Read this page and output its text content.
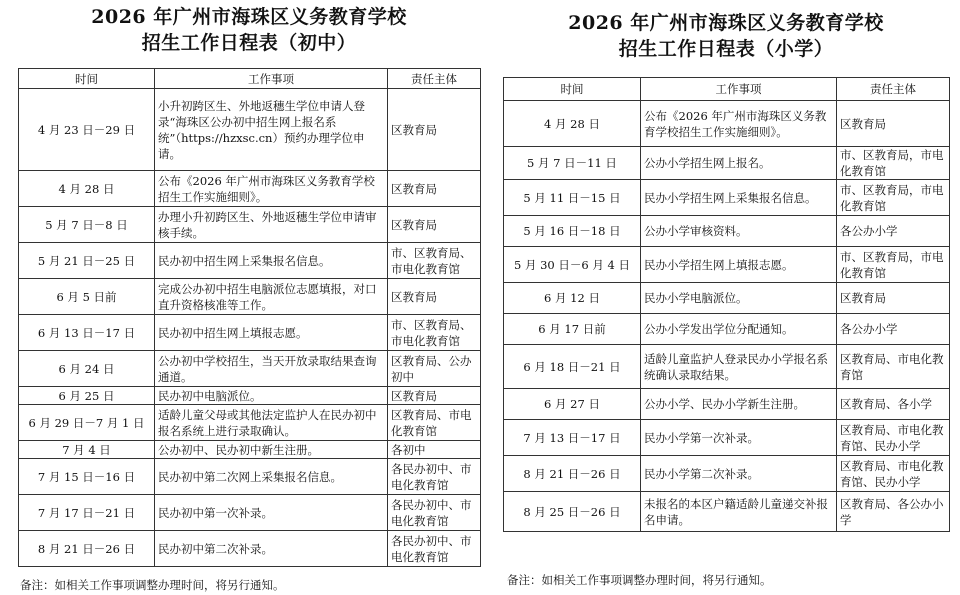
2026 年广州市海珠区义务教育学校
招生工作日程表（初中）
时间	工作事项	责任主体
4 月 23 日－29 日	小升初跨区生、外地返穗生学位申请人登录“海珠区公办初中招生网上报名系统”（https://hzxsc.cn）预约办理学位申请。	区教育局
4 月 28 日	公布《2026 年广州市海珠区义务教育学校招生工作实施细则》。	区教育局
5 月 7 日－8 日	办理小升初跨区生、外地返穗生学位申请审核手续。	区教育局
5 月 21 日－25 日	民办初中招生网上采集报名信息。	市、区教育局、市电化教育馆
6 月 5 日前	完成公办初中招生电脑派位志愿填报，对口直升资格核准等工作。	区教育局
6 月 13 日－17 日	民办初中招生网上填报志愿。	市、区教育局、市电化教育馆
6 月 24 日	公办初中学校招生，当天开放录取结果查询通道。	区教育局、公办初中
6 月 25 日	民办初中电脑派位。	区教育局
6 月 29 日－7 月 1 日	适龄儿童父母或其他法定监护人在民办初中报名系统上进行录取确认。	区教育局、市电化教育馆
7 月 4 日	公办初中、民办初中新生注册。	各初中
7 月 15 日－16 日	民办初中第二次网上采集报名信息。	各民办初中、市电化教育馆
7 月 17 日－21 日	民办初中第一次补录。	各民办初中、市电化教育馆
8 月 21 日－26 日	民办初中第二次补录。	各民办初中、市电化教育馆
备注：如相关工作事项调整办理时间，将另行通知。
2026 年广州市海珠区义务教育学校
招生工作日程表（小学）
时间	工作事项	责任主体
4 月 28 日	公布《2026 年广州市海珠区义务教育学校招生工作实施细则》。	区教育局
5 月 7 日－11 日	公办小学招生网上报名。	市、区教育局，市电化教育馆
5 月 11 日－15 日	民办小学招生网上采集报名信息。	市、区教育局，市电化教育馆
5 月 16 日－18 日	公办小学审核资料。	各公办小学
5 月 30 日－6 月 4 日	民办小学招生网上填报志愿。	市、区教育局，市电化教育馆
6 月 12 日	民办小学电脑派位。	区教育局
6 月 17 日前	公办小学发出学位分配通知。	各公办小学
6 月 18 日－21 日	适龄儿童监护人登录民办小学报名系统确认录取结果。	区教育局、市电化教育馆
6 月 27 日	公办小学、民办小学新生注册。	区教育局、各小学
7 月 13 日－17 日	民办小学第一次补录。	区教育局、市电化教育馆、民办小学
8 月 21 日－26 日	民办小学第二次补录。	区教育局、市电化教育馆、民办小学
8 月 25 日－26 日	未报名的本区户籍适龄儿童递交补报名申请。	区教育局、各公办小学
备注：如相关工作事项调整办理时间，将另行通知。
